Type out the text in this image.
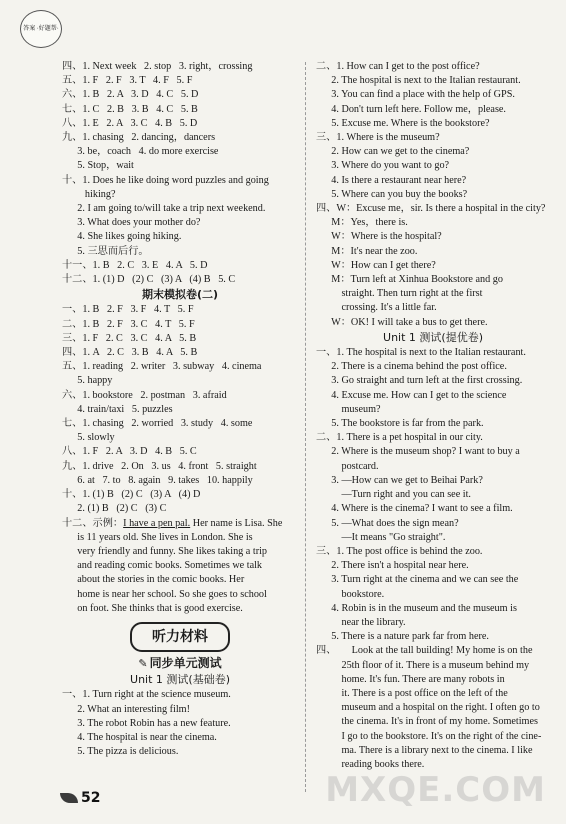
答案 ·好题帮·
四、1. Next week   2. stop   3. right，crossing
五、1. F   2. F   3. T   4. F   5. F
六、1. B   2. A   3. D   4. C   5. D
七、1. C   2. B   3. B   4. C   5. B
八、1. E   2. A   3. C   4. B   5. D
九、1. chasing   2. dancing，dancers
3. be，coach   4. do more exercise
5. Stop，wait
十、1. Does he like doing word puzzles and going
hiking?
2. I am going to/will take a trip next weekend.
3. What does your mother do?
4. She likes going hiking.
5. 三思而后行。
十一、1. B   2. C   3. E   4. A   5. D
十二、1. (1) D   (2) C   (3) A   (4) B   5. C
期末模拟卷(二)
一、1. B   2. F   3. F   4. T   5. F
二、1. B   2. F   3. C   4. T   5. F
三、1. F   2. C   3. C   4. A   5. B
四、1. A   2. C   3. B   4. A   5. B
五、1. reading   2. writer   3. subway   4. cinema
5. happy
六、1. bookstore   2. postman   3. afraid
4. train/taxi   5. puzzles
七、1. chasing   2. worried   3. study   4. some
5. slowly
八、1. F   2. A   3. D   4. B   5. C
九、1. drive   2. On   3. us   4. front   5. straight
6. at   7. to   8. again   9. takes   10. happily
十、1. (1) B   (2) C   (3) A   (4) D
2. (1) B   (2) C   (3) C
十二、示例：I have a pen pal. Her name is Lisa. She
is 11 years old. She lives in London. She is
very friendly and funny. She likes taking a trip
and reading comic books. Sometimes we talk
about the stories in the comic books. Her
home is near her school. So she goes to school
on foot. She thinks that is good exercise.
听力材料
✎ 同步单元测试
Unit 1 测试(基础卷)
一、1. Turn right at the science museum.
2. What an interesting film!
3. The robot Robin has a new feature.
4. The hospital is near the cinema.
5. The pizza is delicious.
二、1. How can I get to the post office?
2. The hospital is next to the Italian restaurant.
3. You can find a place with the help of GPS.
4. Don't turn left here. Follow me，please.
5. Excuse me. Where is the bookstore?
三、1. Where is the museum?
2. How can we get to the cinema?
3. Where do you want to go?
4. Is there a restaurant near here?
5. Where can you buy the books?
四、W：Excuse me，sir. Is there a hospital in the city?
M：Yes，there is.
W：Where is the hospital?
M：It's near the zoo.
W：How can I get there?
M：Turn left at Xinhua Bookstore and go
straight. Then turn right at the first
crossing. It's a little far.
W：OK! I will take a bus to get there.
Unit 1 测试(提优卷)
一、1. The hospital is next to the Italian restaurant.
2. There is a cinema behind the post office.
3. Go straight and turn left at the first crossing.
4. Excuse me. How can I get to the science
museum?
5. The bookstore is far from the park.
二、1. There is a pet hospital in our city.
2. Where is the museum shop? I want to buy a
postcard.
3. —How can we get to Beihai Park?
—Turn right and you can see it.
4. Where is the cinema? I want to see a film.
5. —What does the sign mean?
—It means "Go straight".
三、1. The post office is behind the zoo.
2. There isn't a hospital near here.
3. Turn right at the cinema and we can see the
bookstore.
4. Robin is in the museum and the museum is
near the library.
5. There is a nature park far from here.
四、      Look at the tall building! My home is on the
25th floor of it. There is a museum behind my
home. It's fun. There are many robots in
it. There is a post office on the left of the
museum and a hospital on the right. I often go to
the cinema. It's in front of my home. Sometimes
I go to the bookstore. It's on the right of the cine-
ma. There is a library next to the cinema. I like
reading books there.
52	MXQE.COM
